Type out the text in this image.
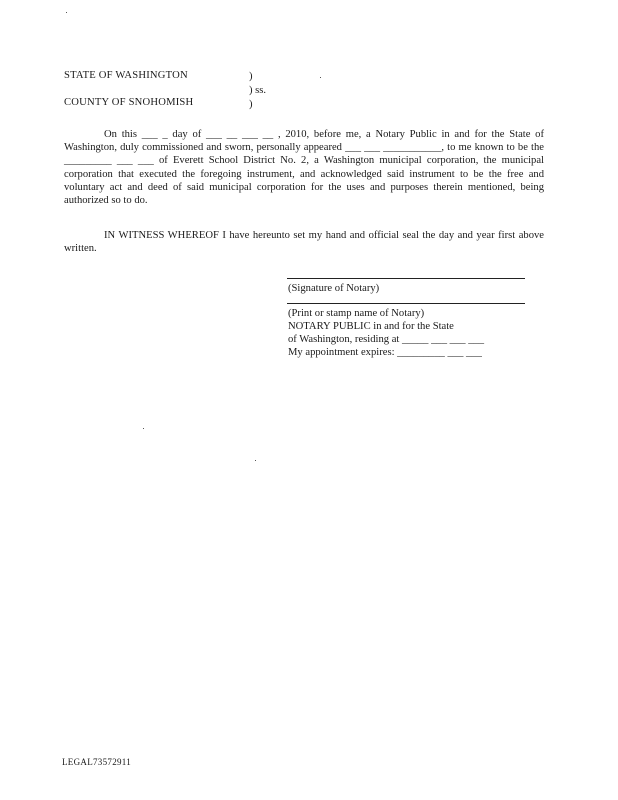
STATE OF WASHINGTON	)
) ss.
COUNTY OF SNOHOMISH	)
On this ___ _ day of ___ __ ___ __ , 2010, before me, a Notary Public in and for the State of Washington, duly commissioned and sworn, personally appeared ___ ___ ___________, to me known to be the _________ ___ ___ of Everett School District No. 2, a Washington municipal corporation, the municipal corporation that executed the foregoing instrument, and acknowledged said instrument to be the free and voluntary act and deed of said municipal corporation for the uses and purposes therein mentioned, being authorized so to do.
IN WITNESS WHEREOF I have hereunto set my hand and official seal the day and year first above written.
(Signature of Notary)
(Print or stamp name of Notary)
NOTARY PUBLIC in and for the State
of Washington, residing at _____ ___ ___ ___
My appointment expires: _________ ___ ___
LEGAL73572911
